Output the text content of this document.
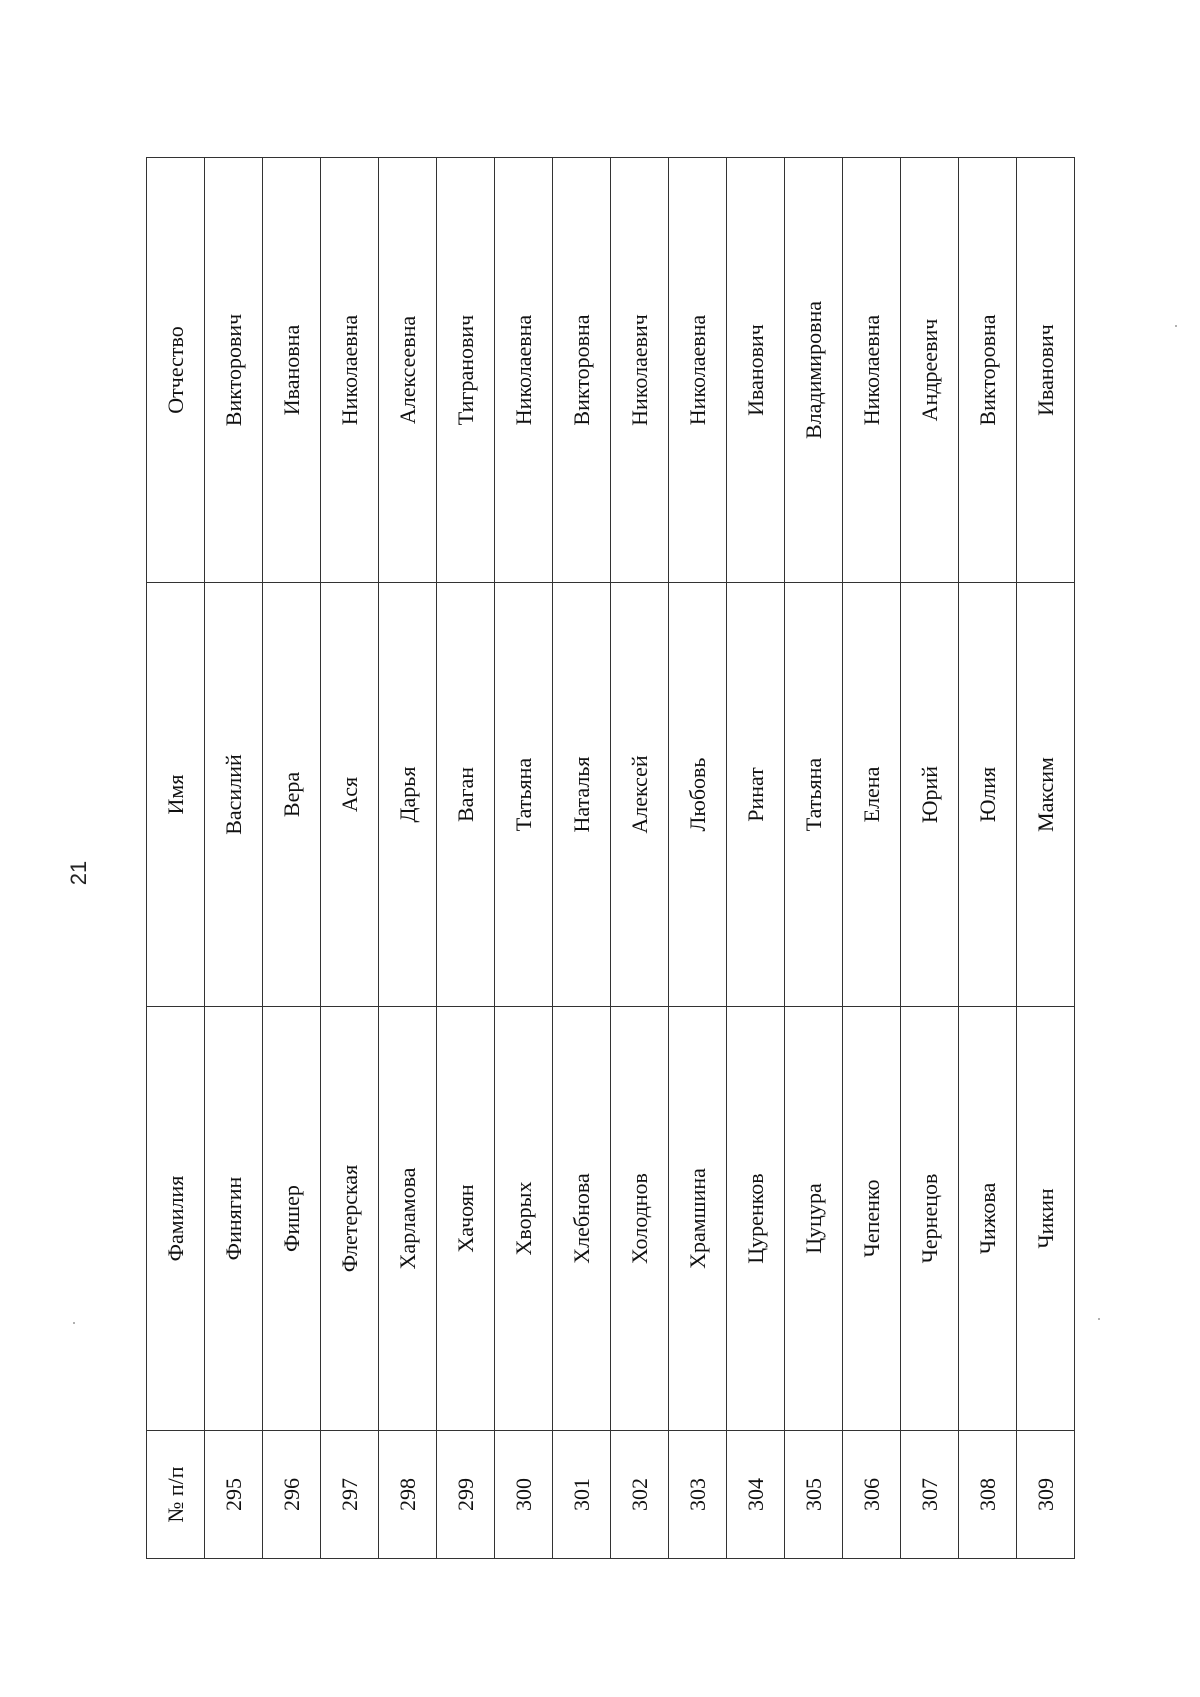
21
№ п/п	Фамилия	Имя	Отчество
295	Финягин	Василий	Викторович
296	Фишер	Вера	Ивановна
297	Флетерская	Ася	Николаевна
298	Харламова	Дарья	Алексеевна
299	Хачоян	Ваган	Тигранович
300	Хворых	Татьяна	Николаевна
301	Хлебнова	Наталья	Викторовна
302	Холоднов	Алексей	Николаевич
303	Храмшина	Любовь	Николаевна
304	Цуренков	Ринат	Иванович
305	Цуцура	Татьяна	Владимировна
306	Чепенко	Елена	Николаевна
307	Чернецов	Юрий	Андреевич
308	Чижова	Юлия	Викторовна
309	Чикин	Максим	Иванович
